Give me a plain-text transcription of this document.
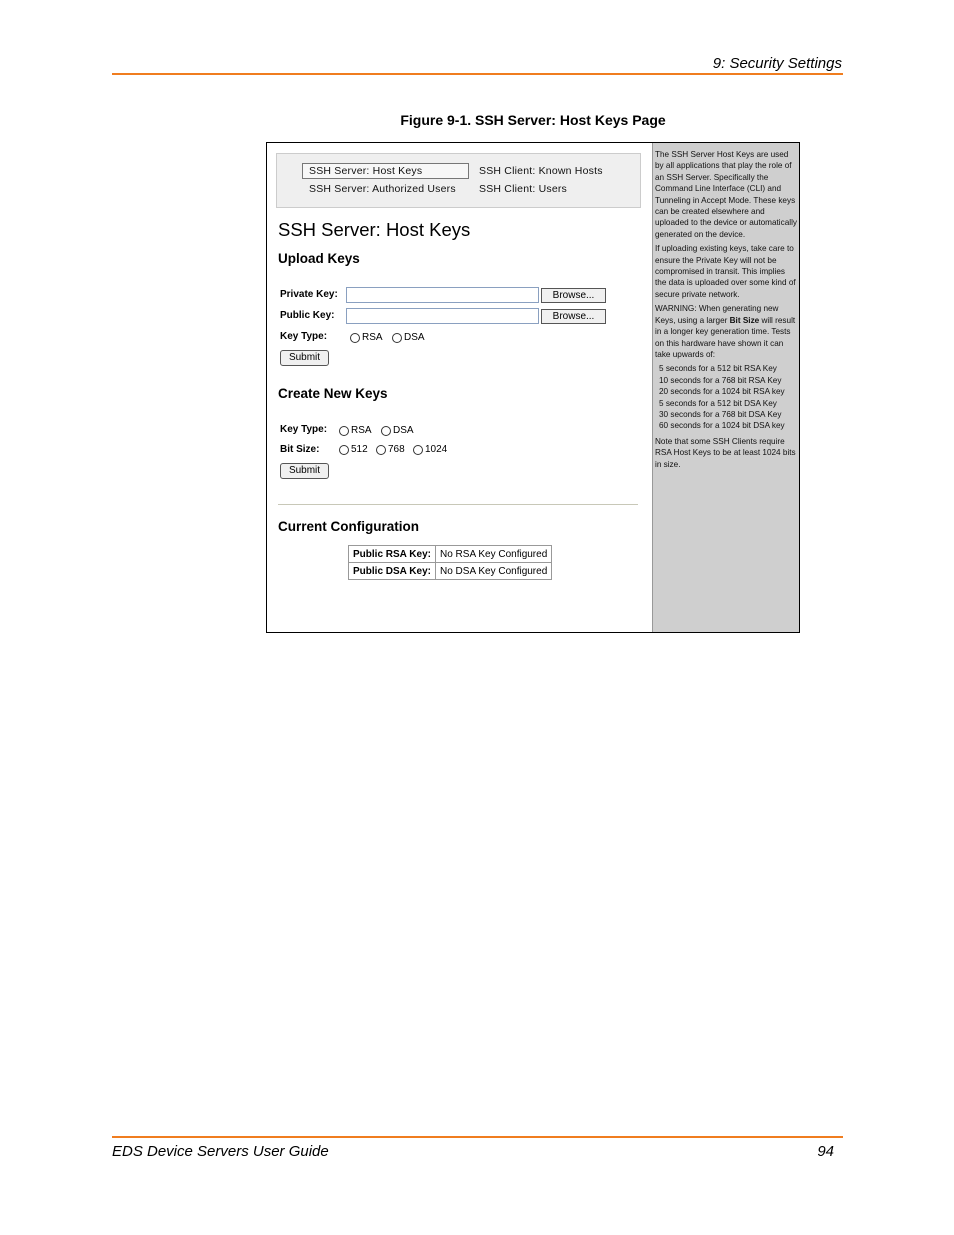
9: Security Settings
Figure 9-1. SSH Server: Host Keys Page
SSH Server: Host Keys	SSH Client: Known Hosts
SSH Server: Authorized Users SSH Client: Users
SSH Server: Host Keys
Upload Keys
Private Key:	Browse...
Public Key:	Browse...
Key Type:	RSA DSA
Submit
Create New Keys
Key Type: RSA DSA
Bit Size:	512 768 1024
Submit
Current Configuration
Public RSA Key:	No RSA Key Configured
Public DSA Key:	No DSA Key Configured

The SSH Server Host Keys are used by all applications that play the role of an SSH Server. Specifically the Command Line Interface (CLI) and Tunneling in Accept Mode. These keys can be created elsewhere and uploaded to the device or automatically generated on the device.

If uploading existing keys, take care to ensure the Private Key will not be compromised in transit. This implies the data is uploaded over some kind of secure private network.

WARNING: When generating new Keys, using a larger Bit Size will result in a longer key generation time. Tests on this hardware have shown it can take upwards of:

5 seconds for a 512 bit RSA Key
10 seconds for a 768 bit RSA Key
20 seconds for a 1024 bit RSA key
5 seconds for a 512 bit DSA Key
30 seconds for a 768 bit DSA Key
60 seconds for a 1024 bit DSA key

Note that some SSH Clients require RSA Host Keys to be at least 1024 bits in size.

EDS Device Servers User Guide	94
